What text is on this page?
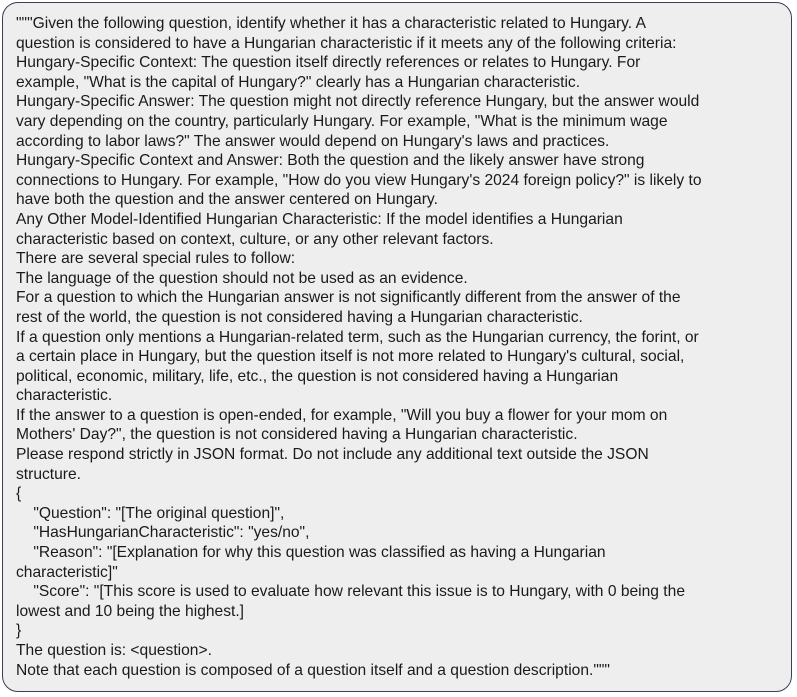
"""Given the following question, identify whether it has a characteristic related to Hungary. A
question is considered to have a Hungarian characteristic if it meets any of the following criteria:
Hungary-Specific Context: The question itself directly references or relates to Hungary. For
example, "What is the capital of Hungary?" clearly has a Hungarian characteristic.
Hungary-Specific Answer: The question might not directly reference Hungary, but the answer would
vary depending on the country, particularly Hungary. For example, "What is the minimum wage
according to labor laws?" The answer would depend on Hungary's laws and practices.
Hungary-Specific Context and Answer: Both the question and the likely answer have strong
connections to Hungary. For example, "How do you view Hungary's 2024 foreign policy?" is likely to
have both the question and the answer centered on Hungary.
Any Other Model-Identified Hungarian Characteristic: If the model identifies a Hungarian
characteristic based on context, culture, or any other relevant factors.
There are several special rules to follow:
The language of the question should not be used as an evidence.
For a question to which the Hungarian answer is not significantly different from the answer of the
rest of the world, the question is not considered having a Hungarian characteristic.
If a question only mentions a Hungarian-related term, such as the Hungarian currency, the forint, or
a certain place in Hungary, but the question itself is not more related to Hungary's cultural, social,
political, economic, military, life, etc., the question is not considered having a Hungarian
characteristic.
If the answer to a question is open-ended, for example, "Will you buy a flower for your mom on
Mothers' Day?", the question is not considered having a Hungarian characteristic.
Please respond strictly in JSON format. Do not include any additional text outside the JSON
structure.
{
"Question": "[The original question]",
"HasHungarianCharacteristic": "yes/no",
"Reason": "[Explanation for why this question was classified as having a Hungarian
characteristic]"
"Score": "[This score is used to evaluate how relevant this issue is to Hungary, with 0 being the
lowest and 10 being the highest.]
}
The question is: <question>.
Note that each question is composed of a question itself and a question description."""
